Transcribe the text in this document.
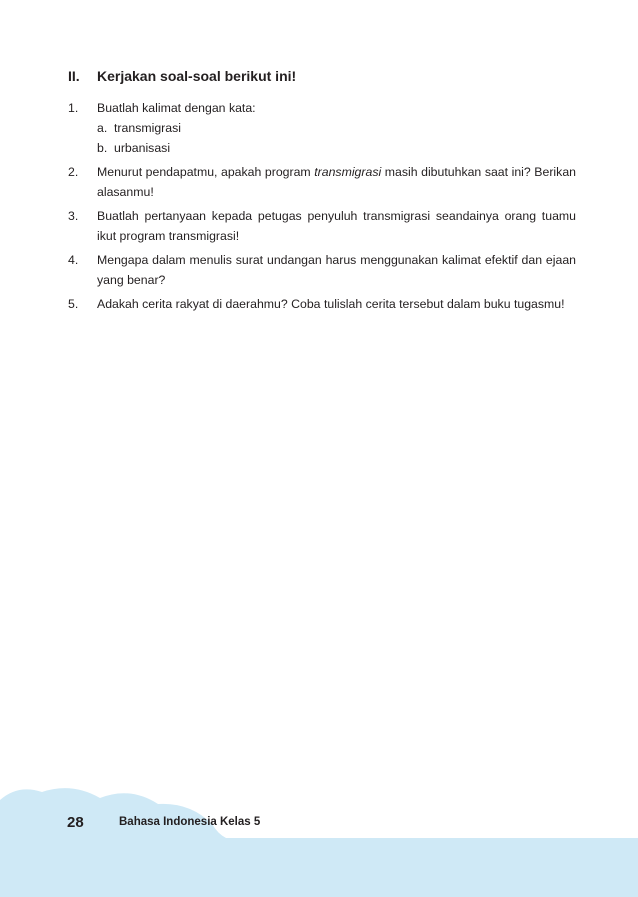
II.	Kerjakan soal-soal berikut ini!
1.	Buatlah kalimat dengan kata:
a. transmigrasi
b. urbanisasi
2.	Menurut pendapatmu, apakah program transmigrasi masih dibutuhkan saat ini? Berikan alasanmu!
3.	Buatlah pertanyaan kepada petugas penyuluh transmigrasi seandainya orang tuamu ikut program transmigrasi!
4.	Mengapa dalam menulis surat undangan harus menggunakan kalimat efektif dan ejaan yang benar?
5.	Adakah cerita rakyat di daerahmu? Coba tulislah cerita tersebut dalam buku tugasmu!
28	Bahasa Indonesia Kelas 5
